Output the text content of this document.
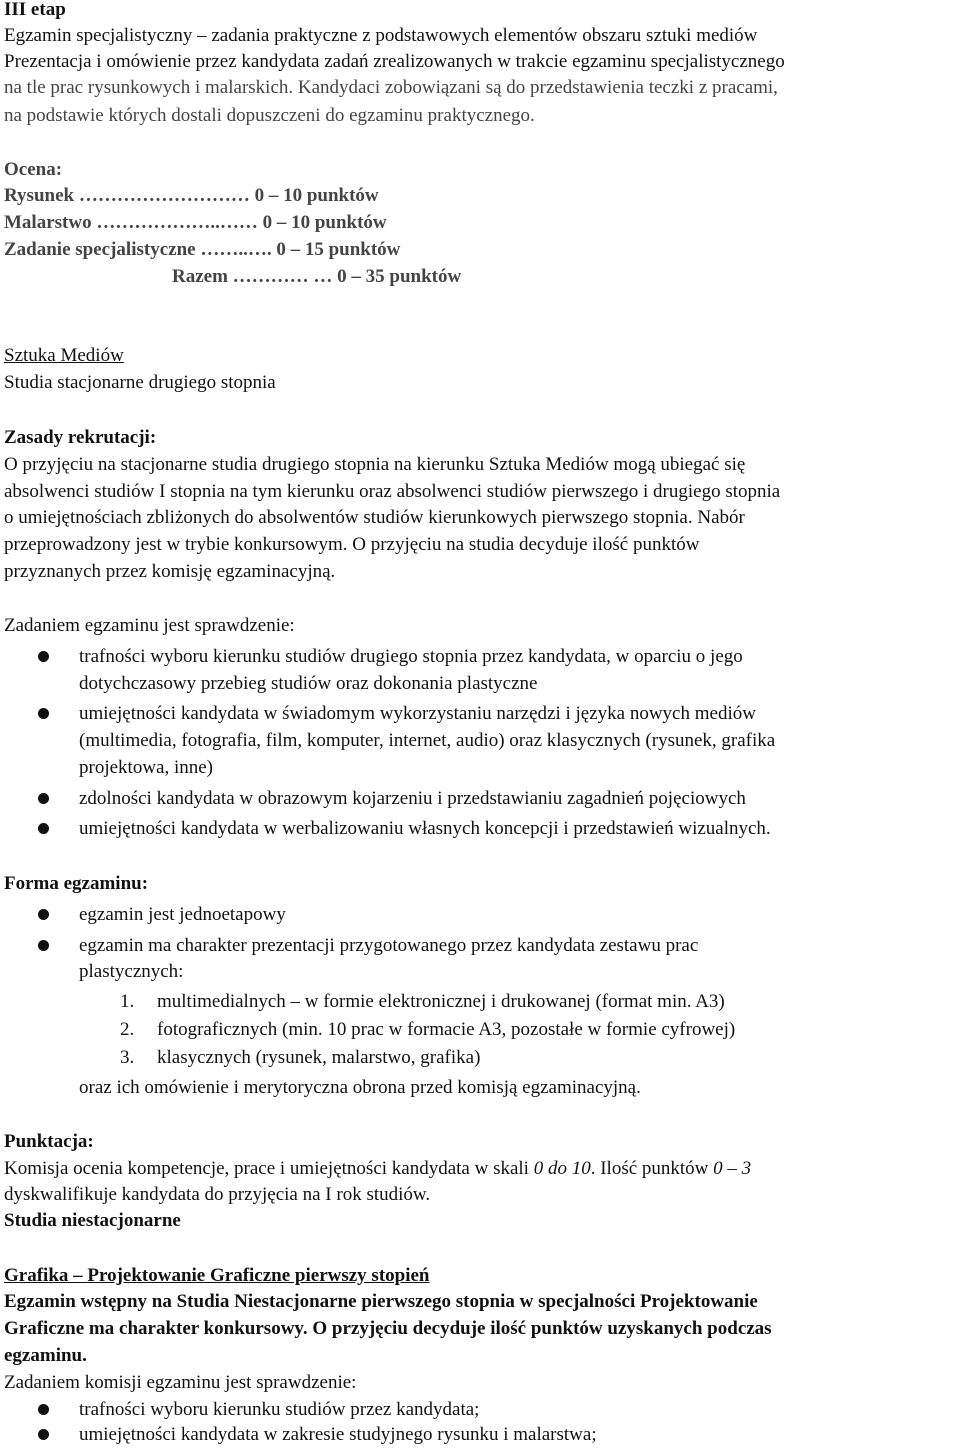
III etap
Egzamin specjalistyczny – zadania praktyczne z podstawowych elementów obszaru sztuki mediów
Prezentacja i omówienie przez kandydata zadań zrealizowanych w trakcie egzaminu specjalistycznego
na tle prac rysunkowych i malarskich. Kandydaci zobowiązani są do przedstawienia teczki z pracami,
na podstawie których dostali dopuszczeni do egzaminu praktycznego.
Ocena:
Rysunek ……………………… 0 – 10 punktów
Malarstwo ………………..…… 0 – 10 punktów
Zadanie specjalistyczne ……..…. 0 – 15 punktów
Razem ………… … 0 – 35 punktów
Sztuka Mediów
Studia stacjonarne drugiego stopnia
Zasady rekrutacji:
O przyjęciu na stacjonarne studia drugiego stopnia na kierunku Sztuka Mediów mogą ubiegać się
absolwenci studiów I stopnia na tym kierunku oraz absolwenci studiów pierwszego i drugiego stopnia
o umiejętnościach zbliżonych do absolwentów studiów kierunkowych pierwszego stopnia. Nabór
przeprowadzony jest w trybie konkursowym. O przyjęciu na studia decyduje ilość punktów
przyznanych przez komisję egzaminacyjną.
Zadaniem egzaminu jest sprawdzenie:
trafności wyboru kierunku studiów drugiego stopnia przez kandydata, w oparciu o jego
dotychczasowy przebieg studiów oraz dokonania plastyczne
umiejętności kandydata w świadomym wykorzystaniu narzędzi i języka nowych mediów
(multimedia, fotografia, film, komputer, internet, audio) oraz klasycznych (rysunek, grafika
projektowa, inne)
zdolności kandydata w obrazowym kojarzeniu i przedstawianiu zagadnień pojęciowych
umiejętności kandydata w werbalizowaniu własnych koncepcji i przedstawień wizualnych.
Forma egzaminu:
egzamin jest jednoetapowy
egzamin ma charakter prezentacji przygotowanego przez kandydata zestawu prac
plastycznych:
1. multimedialnych – w formie elektronicznej i drukowanej (format min. A3)
2. fotograficznych (min. 10 prac w formacie A3, pozostałe w formie cyfrowej)
3. klasycznych (rysunek, malarstwo, grafika)
oraz ich omówienie i merytoryczna obrona przed komisją egzaminacyjną.
Punktacja:
Komisja ocenia kompetencje, prace i umiejętności kandydata w skali 0 do 10. Ilość punktów 0 – 3
dyskwalifikuje kandydata do przyjęcia na I rok studiów.
Studia niestacjonarne
Grafika – Projektowanie Graficzne pierwszy stopień
Egzamin wstępny na Studia Niestacjonarne pierwszego stopnia w specjalności Projektowanie
Graficzne ma charakter konkursowy. O przyjęciu decyduje ilość punktów uzyskanych podczas
egzaminu.
Zadaniem komisji egzaminu jest sprawdzenie:
trafności wyboru kierunku studiów przez kandydata;
umiejętności kandydata w zakresie studyjnego rysunku i malarstwa;
